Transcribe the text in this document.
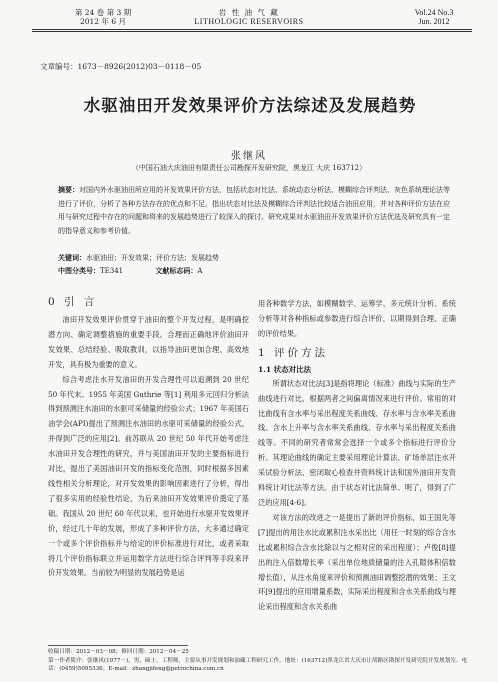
第 24 卷 第 3 期
2012 年 6 月
岩 性 油 气 藏
LITHOLOGIC RESERVOIRS
Vol.24 No.3
Jun. 2012
文章编号：1673－8926(2012)03－0118－05
水驱油田开发效果评价方法综述及发展趋势
张继风
（中国石油大庆油田有限责任公司勘探开发研究院，黑龙江 大庆 163712）
摘要：对国内外水驱油田所应用的开发效果评价方法，包括状态对比法、系统动态分析法、模糊综合评判法、灰色系统理论法等进行了评价，分析了各种方法存在的优点和不足，指出状态对比法及模糊综合评判法比较适合油田应用，并对各种评价方法在应用与研究过程中存在的问题和将来的发展趋势进行了较深入的探讨。研究成果对水驱油田开发效果评价方法优选及研究具有一定的指导意义和参考价值。
关键词：水驱油田；开发效果；评价方法；发展趋势
中图分类号：TE341	文献标志码：A
0 引 言

油田开发效果评价贯穿于油田的整个开发过程，是明确挖潜方向、确定调整措施的重要手段。合理而正确地评价油田开发效果、总结经验、吸取教训，以指导油田更加合理、高效地开发，具有极为重要的意义。

综合考虑注水开发油田的开发合理性可以追溯到 20 世纪 50 年代末。1955 年美国 Guthrie 等[1] 利用多元回归分析法得到预测注水油田的水驱可采储量的经验公式；1967 年美国石油学会(API)提出了预测注水油田的水驱可采储量的经验公式，并得到广泛的应用[2]。前苏联从 20 世纪 50 年代开始考虑注水油田开发合理性的研究，并与美国油田开发的主要指标进行对比，提出了美国油田开发的指标变化范围，同时根据多因素线性相关分析理论，对开发效果的影响因素进行了分析，得出了很多实用的经验性结论，为后来油田开发效果评价奠定了基础。我国从 20 世纪 60 年代以来，也开始进行水驱开发效果评价，经过几十年的发展，形成了多种评价方法，大多通过确定一个或多个评价指标并与给定的评价标准进行对比，或者采取将几个评价指标联立并运用数学方法进行综合评判等手段来评价开发效果。当前较为明显的发展趋势是运

用各种数学方法，如模糊数学、运筹学、多元统计分析、系统分析等对各种指标或参数进行综合评价，以期得到合理、正确的评价结果。

1 评价方法
1.1 状态对比法

所谓状态对比法[3]是指将理论（标准）曲线与实际的生产曲线进行对比，根据两者之间偏离情况来进行评价。常用的对比曲线有含水率与采出程度关系曲线、存水率与含水率关系曲线、含水上升率与含水率关系曲线、存水率与采出程度关系曲线等。不同的研究者常常会选择一个或多个指标进行评价分析。其理论曲线的确定主要采用理论计算法、矿场单层注水开采试验分析法、密闭取心检查井资料统计法和国外油田开发资料统计对比法等方法。由于状态对比法简单、明了，得到了广泛的应用[4-6]。

对该方法的改进之一是提出了新的评价指标，如王国先等[7]提出的用注水比或累积注水采出比（用任一时刻的综合含水比或累积综合含水比除以与之相对应的采出程度）；卢俊[8]提出的注入倍数增长率（采出单位地质储量的注入孔隙体积倍数增长值），从注水角度来评价和预测油田调整挖潜的效果；王文环[9]提出的应用增量系数，实际采出程度和含水关系曲线与理论采出程度和含水关系曲

收稿日期：2012－03－08；修回日期：2012－04－25
第一作者简介：张继风(1977－)，男，硕士，工程师，主要从事开发规划和油藏工程研究工作。地址：(163712)黑龙江省大庆市让胡路区勘探开发研究院开发规划室。电话：(0459)5095336。E-mail：zhangjifeng@petrochina.com.cn
